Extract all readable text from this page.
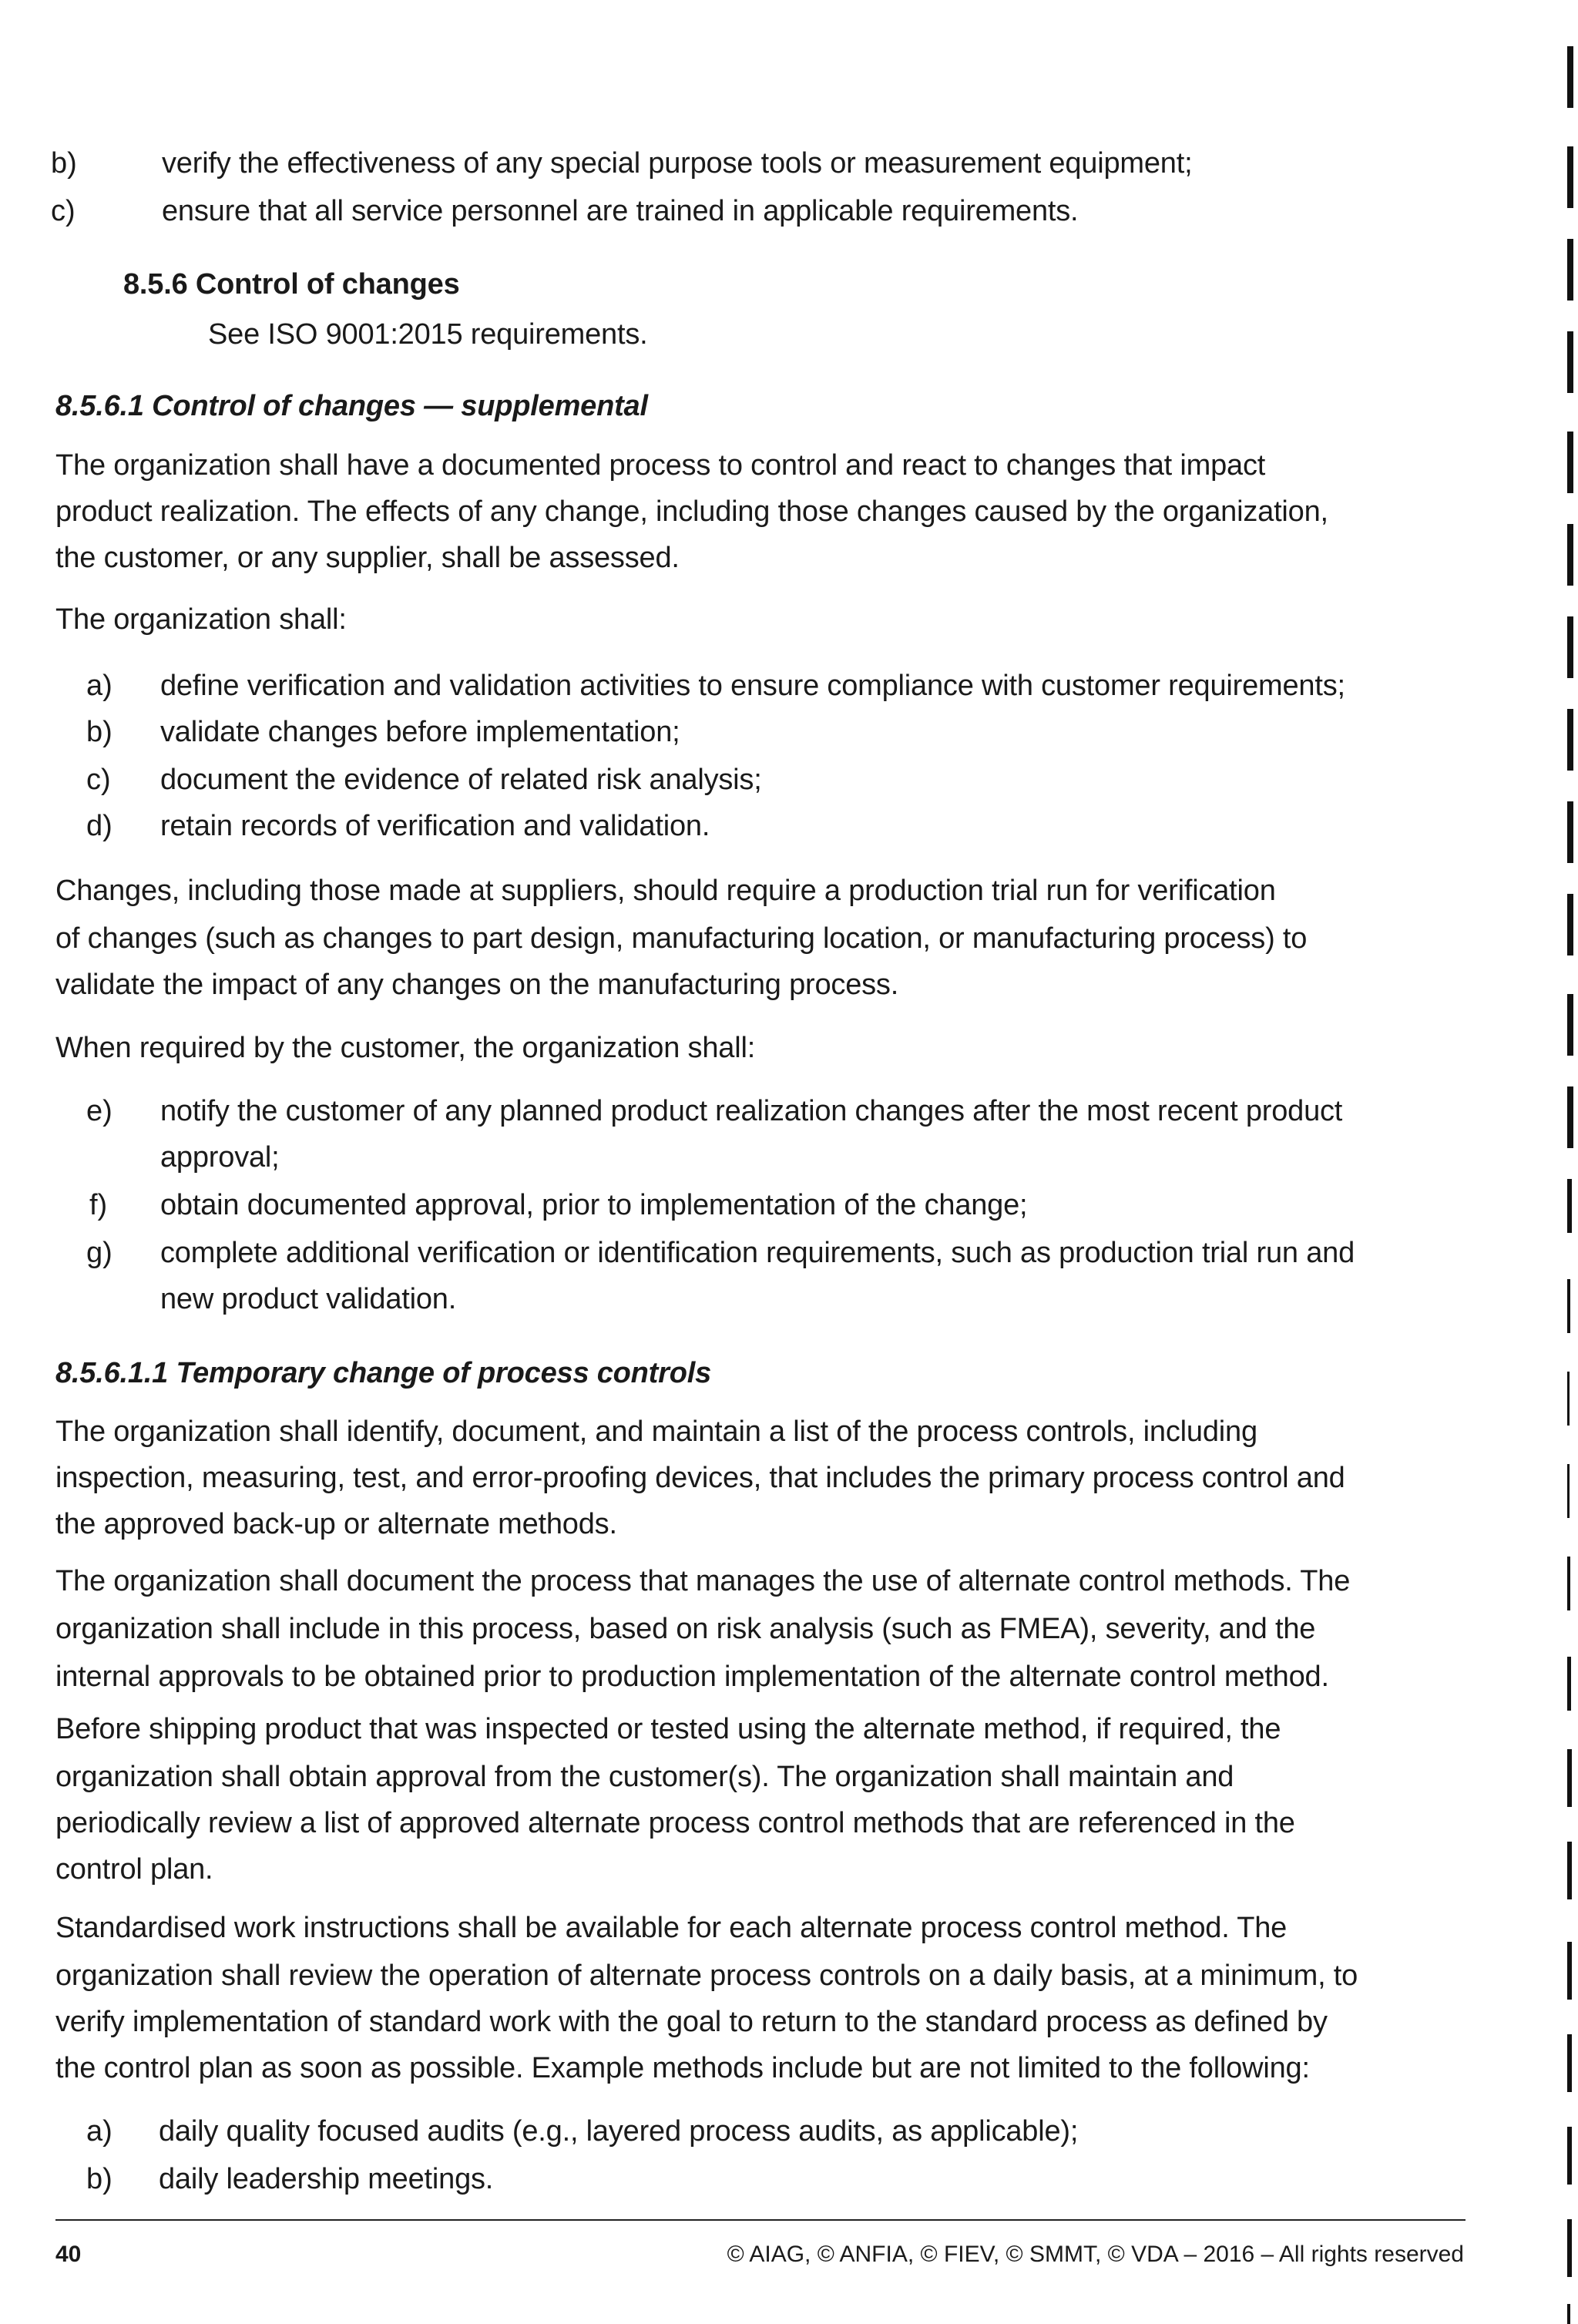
b)	verify the effectiveness of any special purpose tools or measurement equipment;
c)	ensure that all service personnel are trained in applicable requirements.
8.5.6 Control of changes
See ISO 9001:2015 requirements.
8.5.6.1 Control of changes — supplemental
The organization shall have a documented process to control and react to changes that impact
product realization. The effects of any change, including those changes caused by the organization,
the customer, or any supplier, shall be assessed.
The organization shall:
a) define verification and validation activities to ensure compliance with customer requirements;
b) validate changes before implementation;
c) document the evidence of related risk analysis;
d) retain records of verification and validation.
Changes, including those made at suppliers, should require a production trial run for verification
of changes (such as changes to part design, manufacturing location, or manufacturing process) to
validate the impact of any changes on the manufacturing process.
When required by the customer, the organization shall:
e) notify the customer of any planned product realization changes after the most recent product
approval;
f) obtain documented approval, prior to implementation of the change;
g) complete additional verification or identification requirements, such as production trial run and
new product validation.
8.5.6.1.1 Temporary change of process controls
The organization shall identify, document, and maintain a list of the process controls, including
inspection, measuring, test, and error-proofing devices, that includes the primary process control and
the approved back-up or alternate methods.
The organization shall document the process that manages the use of alternate control methods. The
organization shall include in this process, based on risk analysis (such as FMEA), severity, and the
internal approvals to be obtained prior to production implementation of the alternate control method.
Before shipping product that was inspected or tested using the alternate method, if required, the
organization shall obtain approval from the customer(s). The organization shall maintain and
periodically review a list of approved alternate process control methods that are referenced in the
control plan.
Standardised work instructions shall be available for each alternate process control method. The
organization shall review the operation of alternate process controls on a daily basis, at a minimum, to
verify implementation of standard work with the goal to return to the standard process as defined by
the control plan as soon as possible. Example methods include but are not limited to the following:
a) daily quality focused audits (e.g., layered process audits, as applicable);
b) daily leadership meetings.
40	© AIAG, © ANFIA, © FIEV, © SMMT, © VDA – 2016 – All rights reserved
